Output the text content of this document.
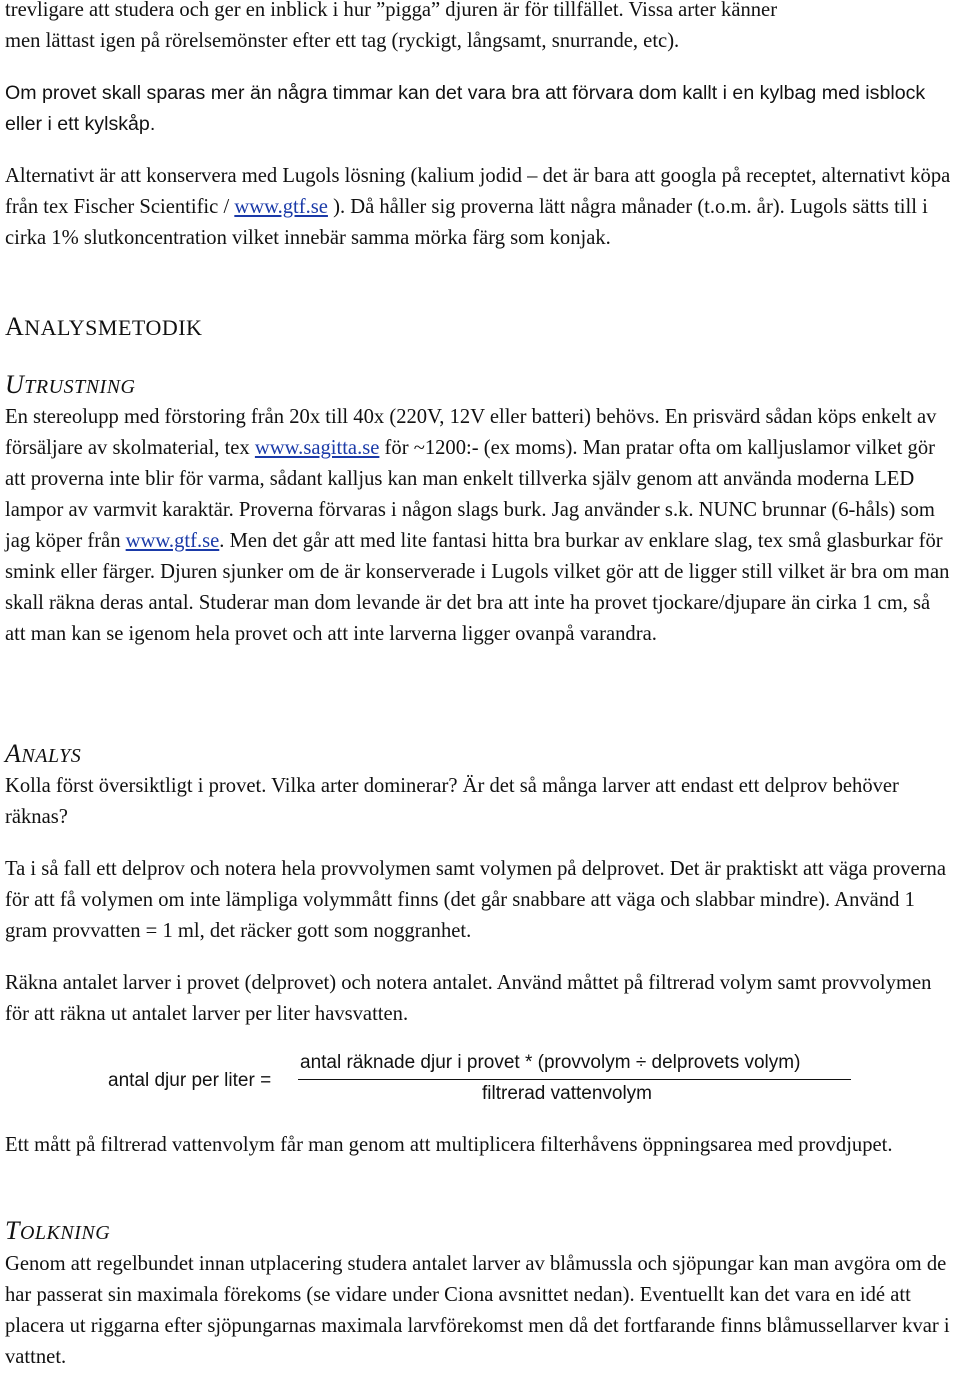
trevligare att studera och ger en inblick i hur ”pigga” djuren är för tillfället. Vissa arter känner

men lättast igen på rörelsemönster efter ett tag (ryckigt, långsamt, snurrande, etc).

Om provet skall sparas mer än några timmar kan det vara bra att förvara dom kallt i en kylbag med isblock eller i ett kylskåp.

Alternativt är att konservera med Lugols lösning (kalium jodid – det är bara att googla på receptet, alternativt köpa från tex Fischer Scientific / www.gtf.se ). Då håller sig proverna lätt några månader (t.o.m. år). Lugols sätts till i cirka 1% slutkoncentration vilket innebär samma mörka färg som konjak.

ANALYSMETODIK
UTRUSTNING

En stereolupp med förstoring från 20x till 40x (220V, 12V eller batteri) behövs. En prisvärd sådan köps enkelt av försäljare av skolmaterial, tex www.sagitta.se för ~1200:- (ex moms). Man pratar ofta om kalljuslamor vilket gör att proverna inte blir för varma, sådant kalljus kan man enkelt tillverka själv genom att använda moderna LED lampor av varmvit karaktär. Proverna förvaras i någon slags burk. Jag använder s.k. NUNC brunnar (6-håls) som jag köper från www.gtf.se. Men det går att med lite fantasi hitta bra burkar av enklare slag, tex små glasburkar för smink eller färger. Djuren sjunker om de är konserverade i Lugols vilket gör att de ligger still vilket är bra om man skall räkna deras antal. Studerar man dom levande är det bra att inte ha provet tjockare/djupare än cirka 1 cm, så att man kan se igenom hela provet och att inte larverna ligger ovanpå varandra.

ANALYS

Kolla först översiktligt i provet. Vilka arter dominerar? Är det så många larver att endast ett delprov behöver räknas?

Ta i så fall ett delprov och notera hela provvolymen samt volymen på delprovet. Det är praktiskt att väga proverna för att få volymen om inte lämpliga volymmått finns (det går snabbare att väga och slabbar mindre). Använd 1 gram provvatten = 1 ml, det räcker gott som noggranhet.

Räkna antalet larver i provet (delprovet) och notera antalet. Använd måttet på filtrerad volym samt provvolymen för att räkna ut antalet larver per liter havsvatten.

antal djur per liter =
antal räknade djur i provet * (provvolym ÷ delprovets volym)
filtrerad vattenvolym

Ett mått på filtrerad vattenvolym får man genom att multiplicera filterhåvens öppningsarea med provdjupet.

TOLKNING

Genom att regelbundet innan utplacering studera antalet larver av blåmussla och sjöpungar kan man avgöra om de har passerat sin maximala förekoms (se vidare under Ciona avsnittet nedan). Eventuellt kan det vara en idé att placera ut riggarna efter sjöpungarnas maximala larvförekomst men då det fortfarande finns blåmussellarver kvar i vattnet.
